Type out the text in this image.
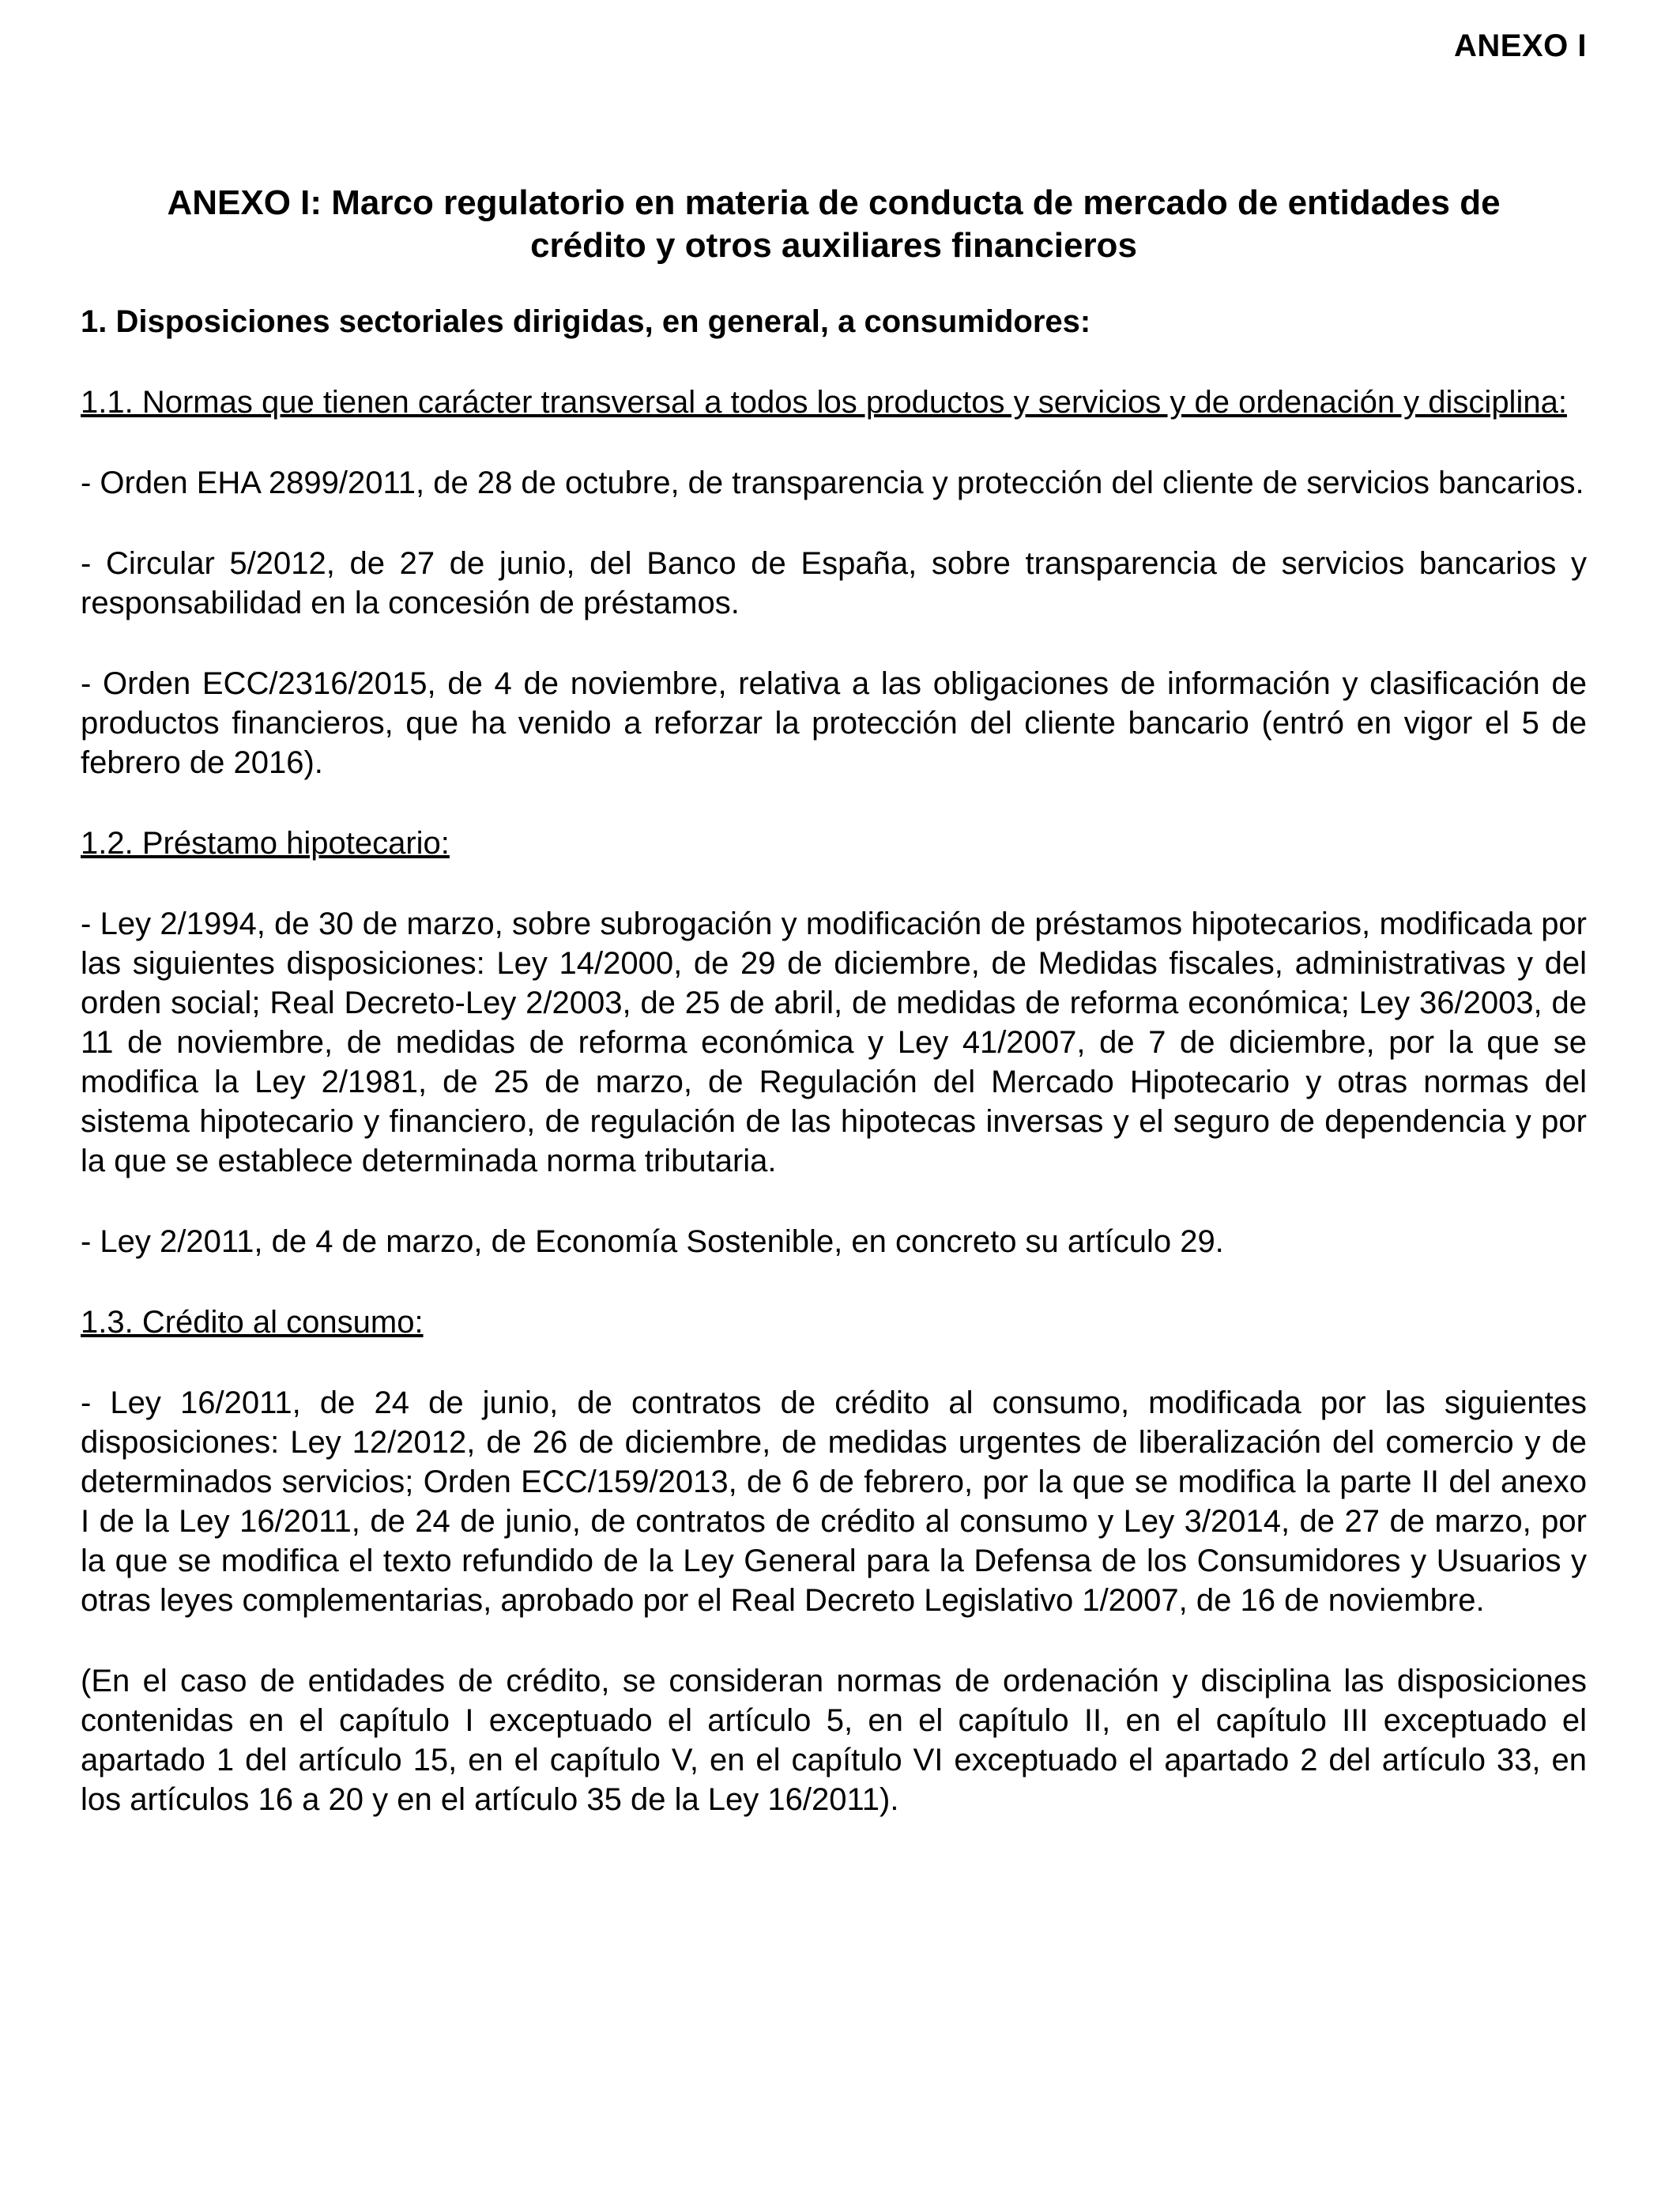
ANEXO I
ANEXO I: Marco regulatorio en materia de conducta de mercado de entidades de
crédito y otros auxiliares financieros
1. Disposiciones sectoriales dirigidas, en general, a consumidores:
1.1. Normas que tienen carácter transversal a todos los productos y servicios y de ordenación y disciplina:

- Orden EHA 2899/2011, de 28 de octubre, de transparencia y protección del cliente de servicios bancarios.

- Circular 5/2012, de 27 de junio, del Banco de España, sobre transparencia de servicios bancarios y responsabilidad en la concesión de préstamos.

- Orden ECC/2316/2015, de 4 de noviembre, relativa a las obligaciones de información y clasificación de productos financieros, que ha venido a reforzar la protección del cliente bancario (entró en vigor el 5 de febrero de 2016).

1.2. Préstamo hipotecario:

- Ley 2/1994, de 30 de marzo, sobre subrogación y modificación de préstamos hipotecarios, modificada por las siguientes disposiciones: Ley 14/2000, de 29 de diciembre, de Medidas fiscales, administrativas y del orden social; Real Decreto-Ley 2/2003, de 25 de abril, de medidas de reforma económica; Ley 36/2003, de 11 de noviembre, de medidas de reforma económica y Ley 41/2007, de 7 de diciembre, por la que se modifica la Ley 2/1981, de 25 de marzo, de Regulación del Mercado Hipotecario y otras normas del sistema hipotecario y financiero, de regulación de las hipotecas inversas y el seguro de dependencia y por la que se establece determinada norma tributaria.

- Ley 2/2011, de 4 de marzo, de Economía Sostenible, en concreto su artículo 29.

1.3. Crédito al consumo:

- Ley 16/2011, de 24 de junio, de contratos de crédito al consumo, modificada por las siguientes disposiciones: Ley 12/2012, de 26 de diciembre, de medidas urgentes de liberalización del comercio y de determinados servicios; Orden ECC/159/2013, de 6 de febrero, por la que se modifica la parte II del anexo I de la Ley 16/2011, de 24 de junio, de contratos de crédito al consumo y Ley 3/2014, de 27 de marzo, por la que se modifica el texto refundido de la Ley General para la Defensa de los Consumidores y Usuarios y otras leyes complementarias, aprobado por el Real Decreto Legislativo 1/2007, de 16 de noviembre.

(En el caso de entidades de crédito, se consideran normas de ordenación y disciplina las disposiciones contenidas en el capítulo I exceptuado el artículo 5, en el capítulo II, en el capítulo III exceptuado el apartado 1 del artículo 15, en el capítulo V, en el capítulo VI exceptuado el apartado 2 del artículo 33, en los artículos 16 a 20 y en el artículo 35 de la Ley 16/2011).
